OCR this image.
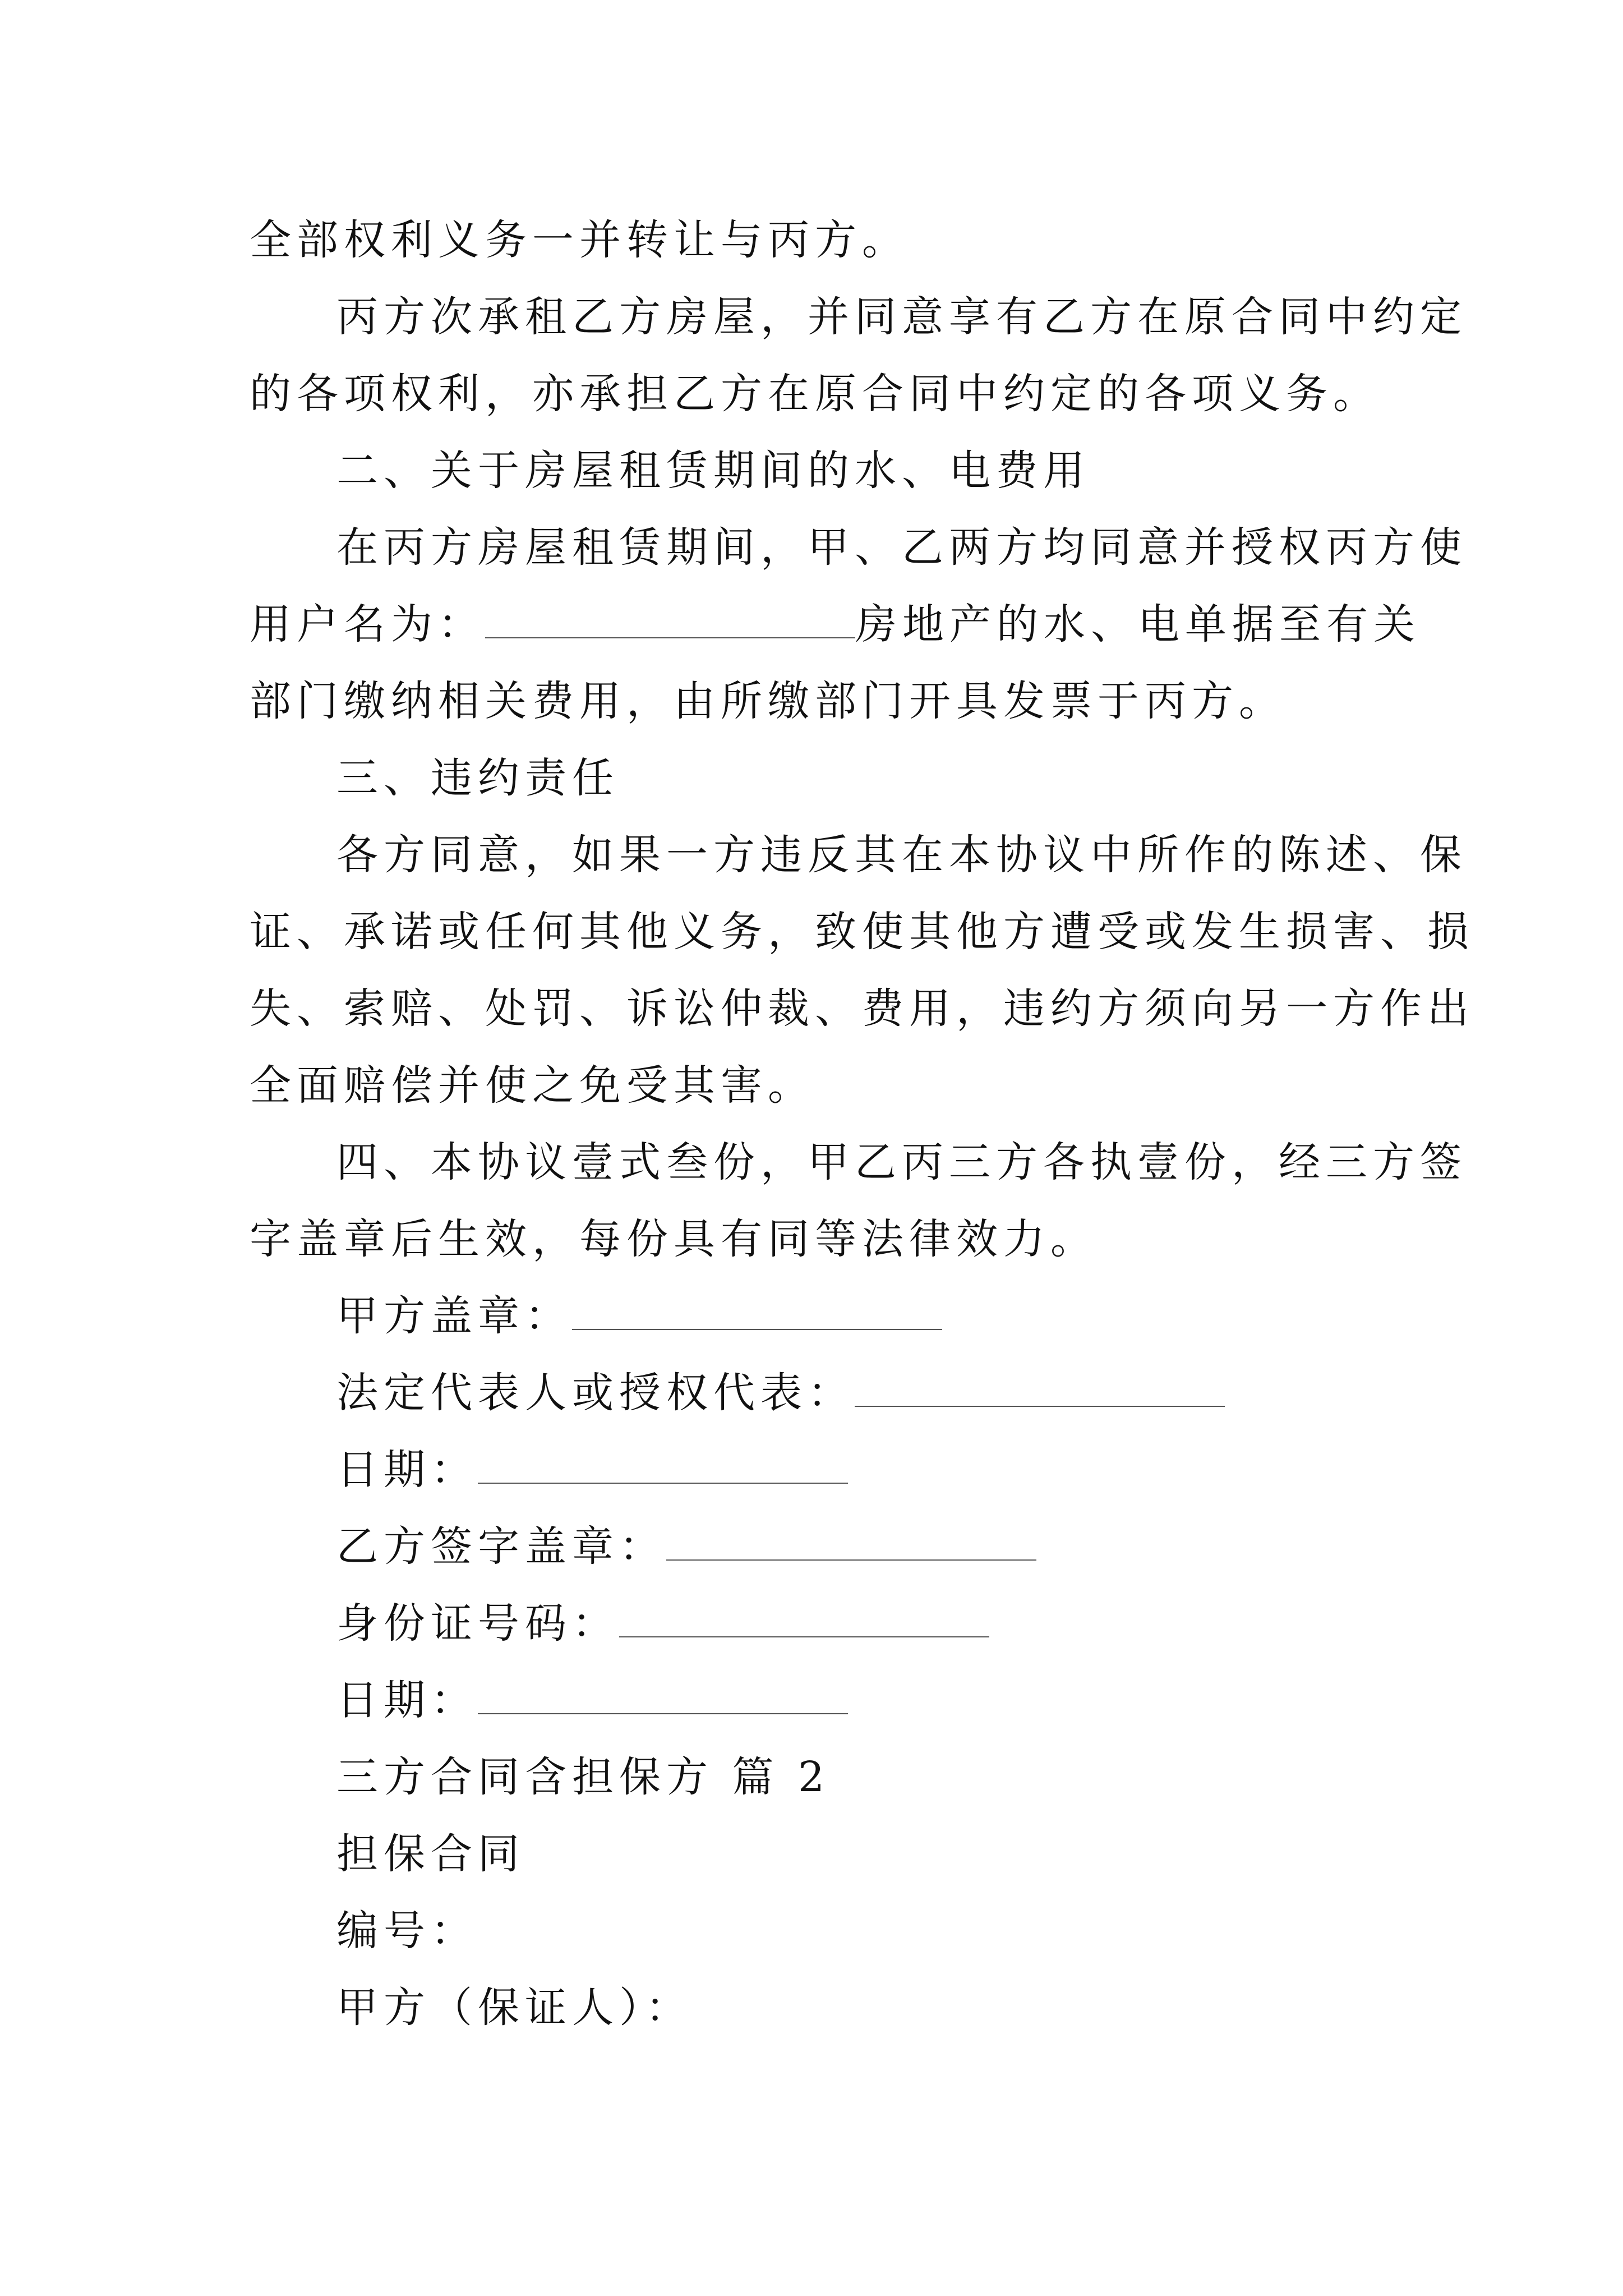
全部权利义务一并转让与丙方。
丙方次承租乙方房屋，并同意享有乙方在原合同中约定
的各项权利，亦承担乙方在原合同中约定的各项义务。
二、关于房屋租赁期间的水、电费用
在丙方房屋租赁期间，甲、乙两方均同意并授权丙方使
用户名为：	房地产的水、电单据至有关
部门缴纳相关费用，由所缴部门开具发票于丙方。
三、违约责任
各方同意，如果一方违反其在本协议中所作的陈述、保
证、承诺或任何其他义务，致使其他方遭受或发生损害、损
失、索赔、处罚、诉讼仲裁、费用，违约方须向另一方作出
全面赔偿并使之免受其害。
四、本协议壹式叁份，甲乙丙三方各执壹份，经三方签
字盖章后生效，每份具有同等法律效力。
甲方盖章：
法定代表人或授权代表：
日期：
乙方签字盖章：
身份证号码：
日期：
三方合同含担保方 篇 2
担保合同
编号：
甲方（保证人）：
